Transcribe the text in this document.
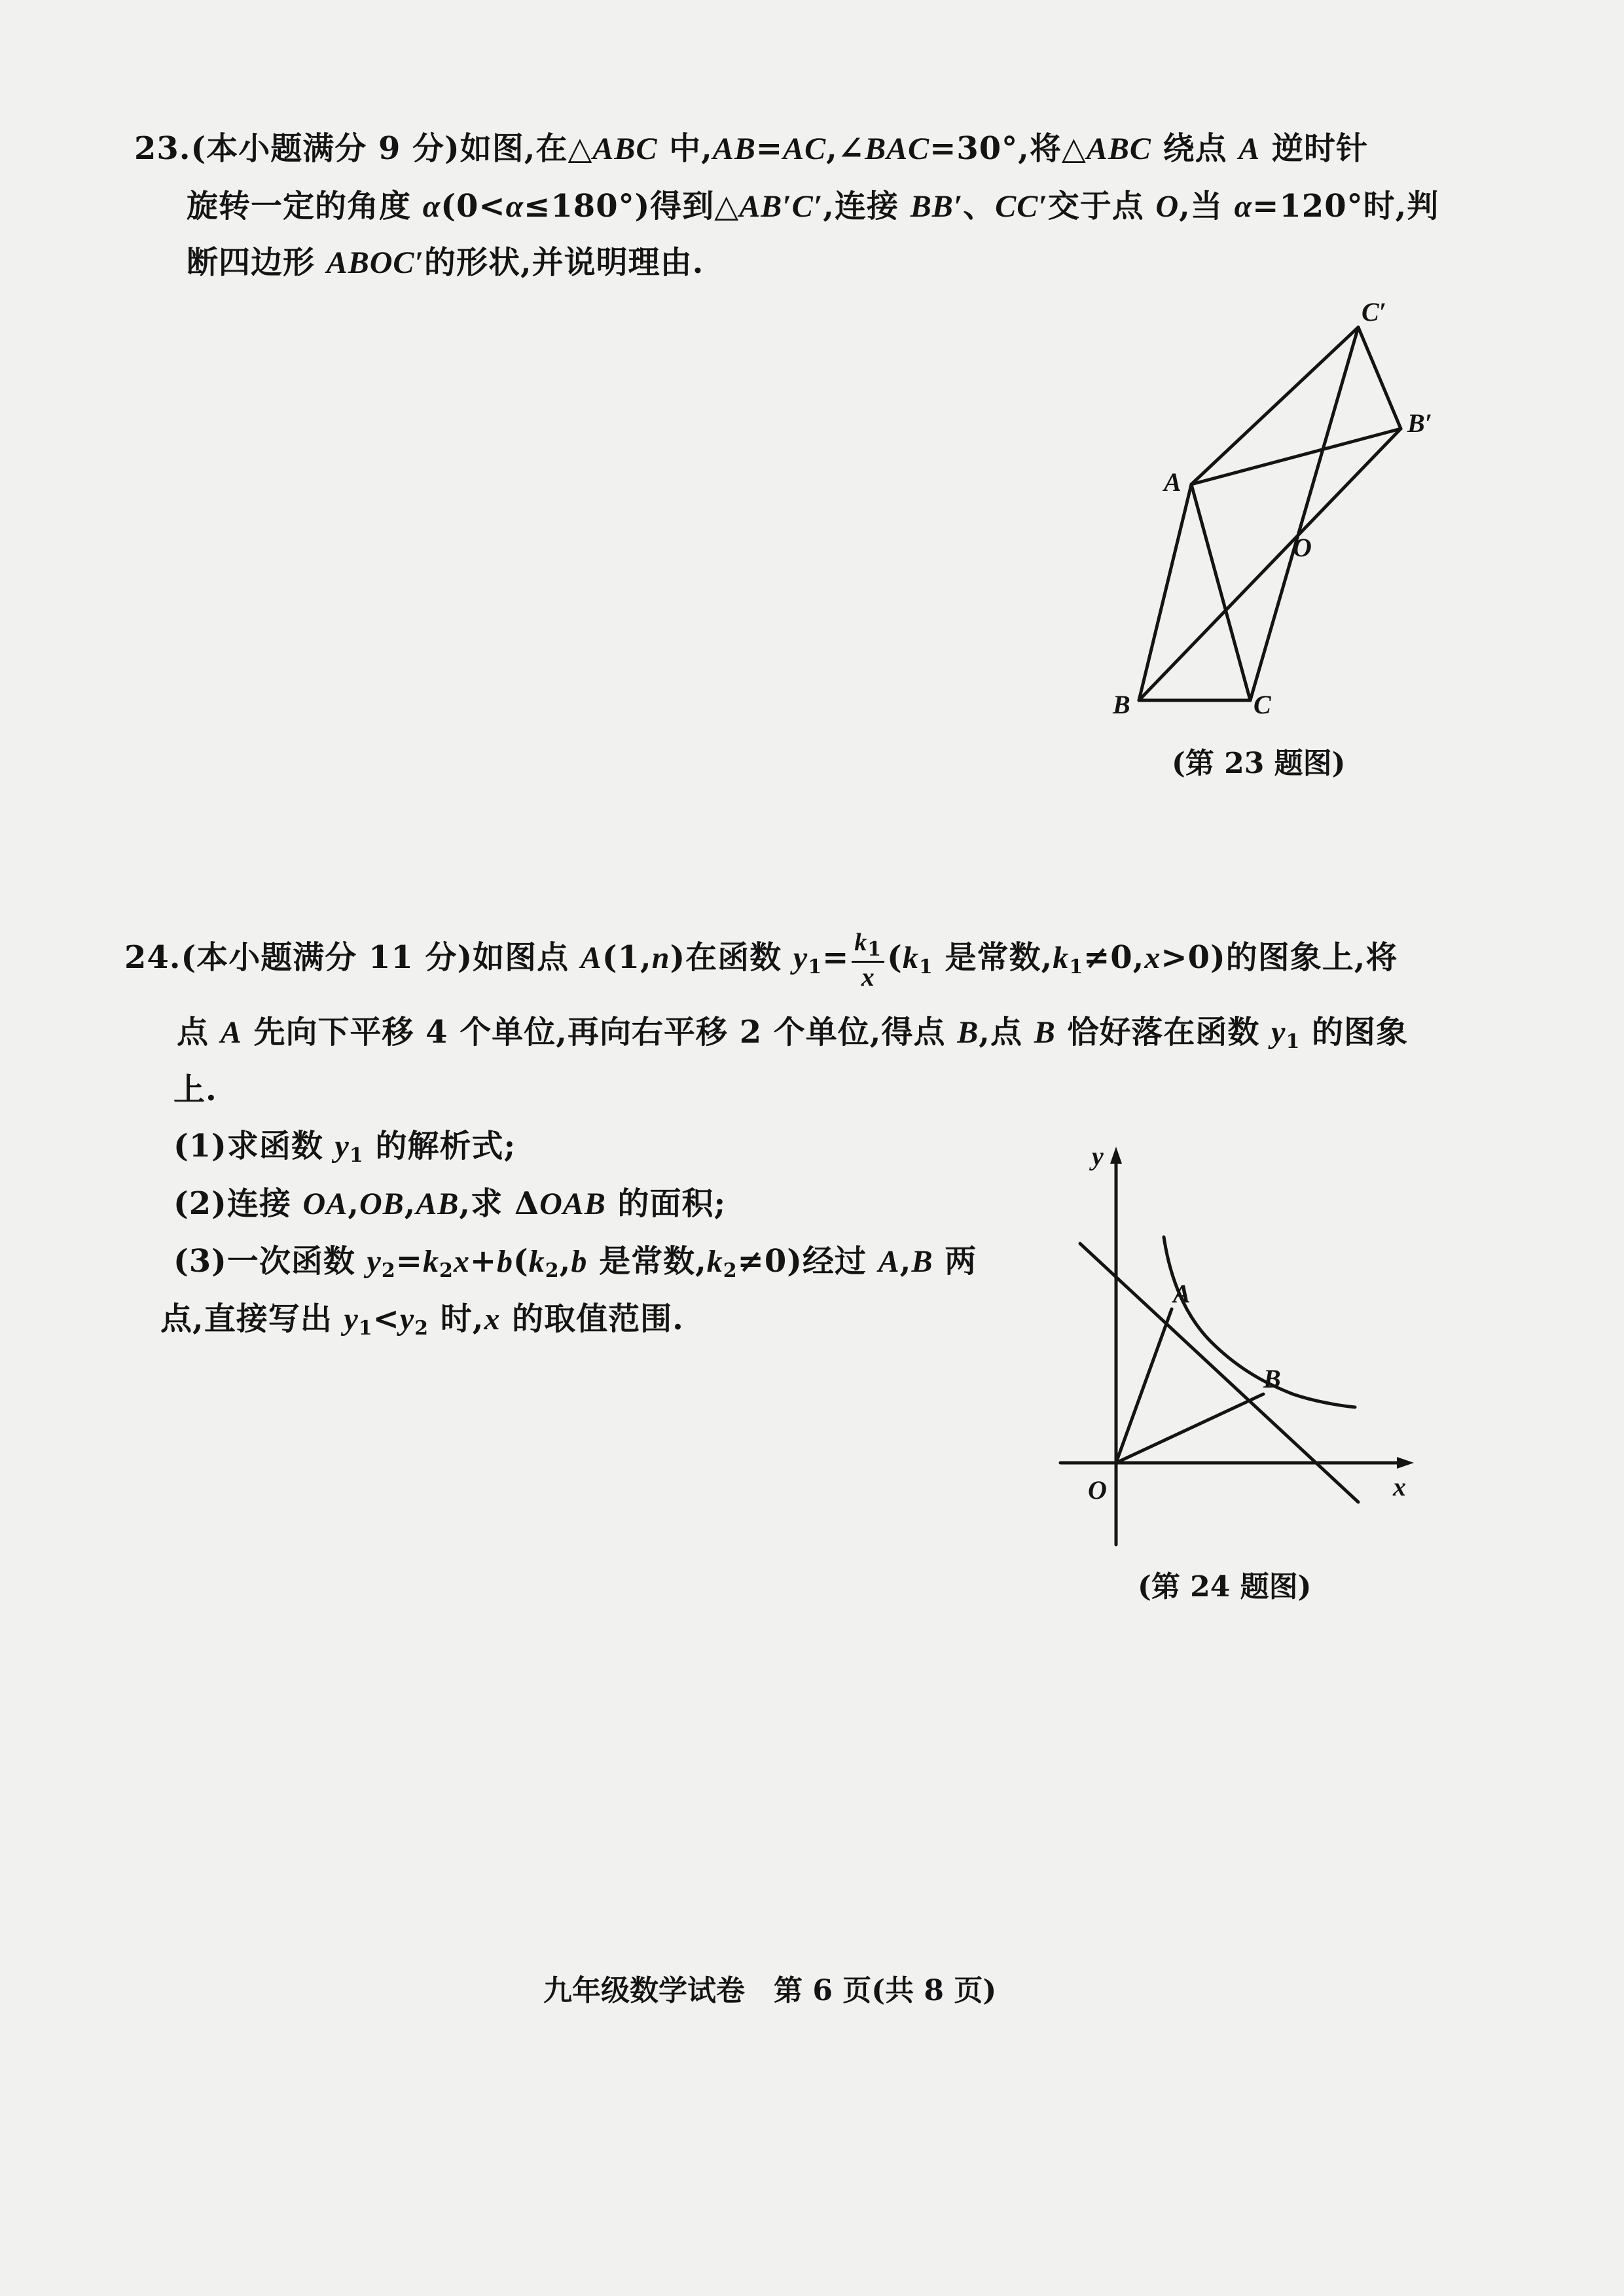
23.(本小题满分 9 分)如图,在△ABC 中,AB=AC,∠BAC=30°,将△ABC 绕点 A 逆时针
旋转一定的角度 α(0<α≤180°)得到△AB′C′,连接 BB′、CC′交于点 O,当 α=120°时,判
断四边形 ABOC′的形状,并说明理由.
C′
B′
A
O
B	C
(第 23 题图)
24.(本小题满分 11 分)如图点 A(1,n)在函数 $y_1= \frac{k_1}{x} (k_1$ 是常数$,k_1\ne 0,x>0$)的图象上,将
点 A 先向下平移 4 个单位,再向右平移 2 个单位,得点 B,点 B 恰好落在函数 $y_1$ 的图象
上.
(1)求函数 $y_1$ 的解析式;
(2)连接 OA,OB,AB,求 ΔOAB 的面积;
(3)一次函数 $y_2=k_2x+b(k_2,b$ 是常数$,k_2\ne 0$)经过 A,B 两
点,直接写出 $y_1<y_2$ 时,x 的取值范围.
y
x
O
A
B
(第 24 题图)
九年级数学试卷　第 6 页(共 8 页)
